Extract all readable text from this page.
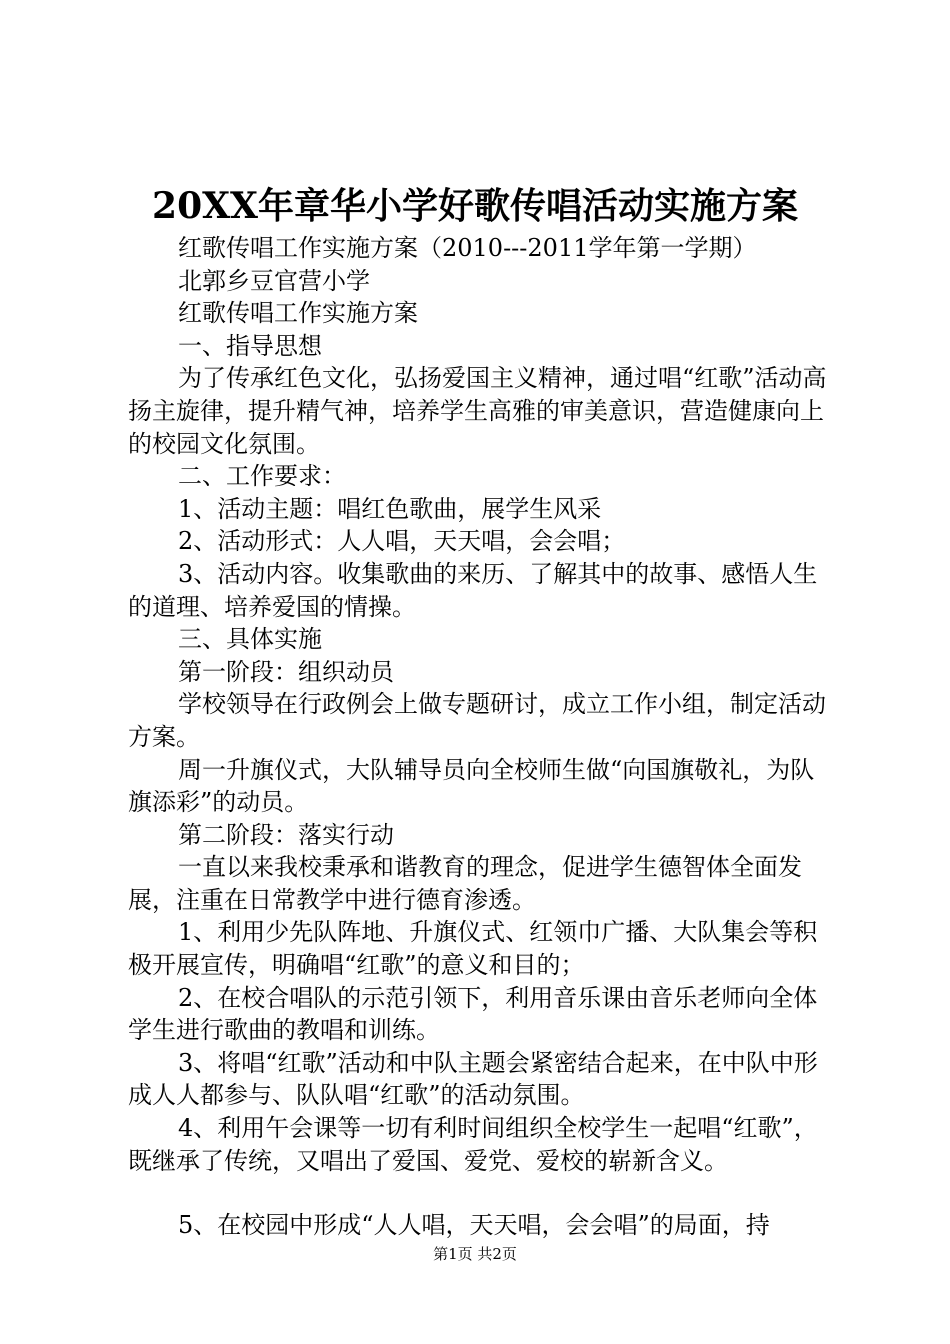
20XX年章华小学好歌传唱活动实施方案

红歌传唱工作实施方案（2010---2011学年第一学期）

北郭乡豆官营小学

红歌传唱工作实施方案

一、指导思想

为了传承红色文化，弘扬爱国主义精神，通过唱“红歌”活动高扬主旋律，提升精气神，培养学生高雅的审美意识，营造健康向上的校园文化氛围。

二、工作要求：

1、活动主题：唱红色歌曲，展学生风采

2、活动形式：人人唱，天天唱，会会唱；

3、活动内容。收集歌曲的来历、了解其中的故事、感悟人生的道理、培养爱国的情操。

三、具体实施

第一阶段：组织动员

学校领导在行政例会上做专题研讨，成立工作小组，制定活动方案。

周一升旗仪式，大队辅导员向全校师生做“向国旗敬礼，为队旗添彩”的动员。

第二阶段：落实行动

一直以来我校秉承和谐教育的理念，促进学生德智体全面发展，注重在日常教学中进行德育渗透。

1、利用少先队阵地、升旗仪式、红领巾广播、大队集会等积极开展宣传，明确唱“红歌”的意义和目的；

2、在校合唱队的示范引领下，利用音乐课由音乐老师向全体学生进行歌曲的教唱和训练。

3、将唱“红歌”活动和中队主题会紧密结合起来，在中队中形成人人都参与、队队唱“红歌”的活动氛围。

4、利用午会课等一切有利时间组织全校学生一起唱“红歌”，既继承了传统，又唱出了爱国、爱党、爱校的崭新含义。

5、在校园中形成“人人唱，天天唱，会会唱”的局面，持

第1页 共2页
